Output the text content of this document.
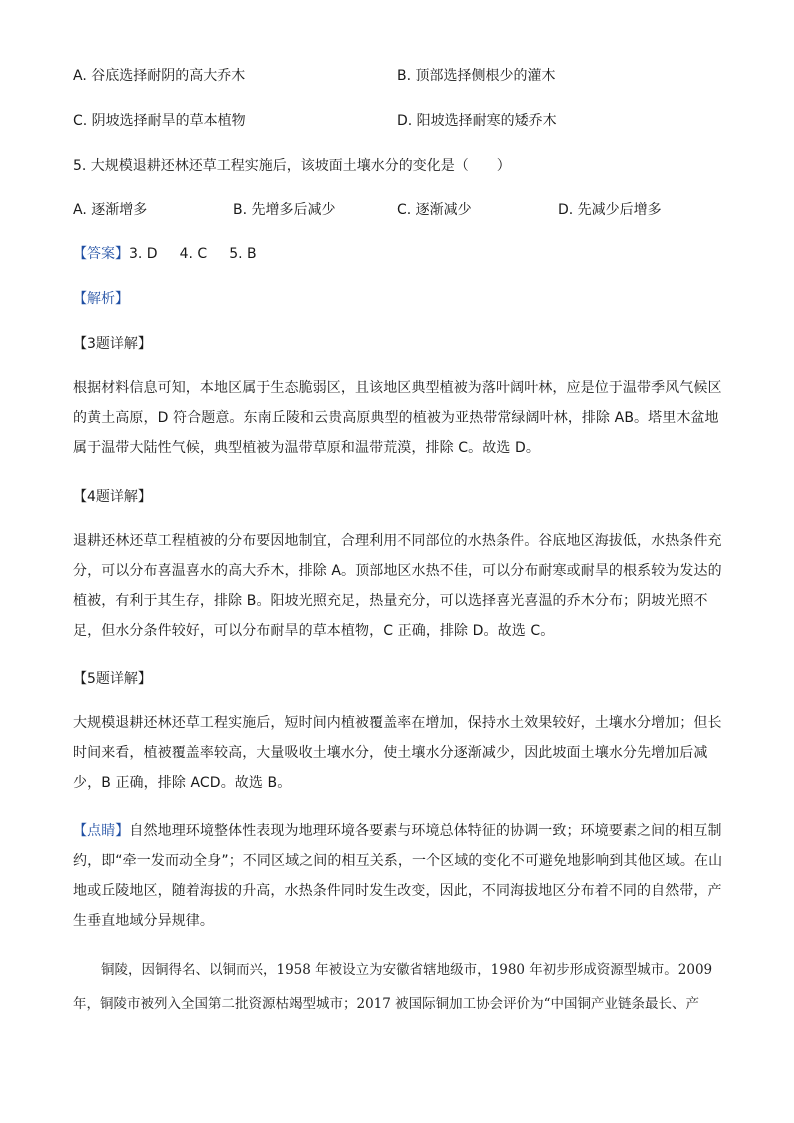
A. 谷底选择耐阴的高大乔木	B. 顶部选择侧根少的灌木
C. 阴坡选择耐旱的草本植物	D. 阳坡选择耐寒的矮乔木
5. 大规模退耕还林还草工程实施后，该坡面土壤水分的变化是（　　）
A. 逐渐增多	B. 先增多后减少	C. 逐渐减少	D. 先减少后增多
【答案】3. D 4. C 5. B
【解析】
【3题详解】
根据材料信息可知，本地区属于生态脆弱区，且该地区典型植被为落叶阔叶林，应是位于温带季风气候区
的黄土高原，D 符合题意。东南丘陵和云贵高原典型的植被为亚热带常绿阔叶林，排除 AB。塔里木盆地
属于温带大陆性气候，典型植被为温带草原和温带荒漠，排除 C。故选 D。
【4题详解】
退耕还林还草工程植被的分布要因地制宜，合理利用不同部位的水热条件。谷底地区海拔低，水热条件充
分，可以分布喜温喜水的高大乔木，排除 A。顶部地区水热不佳，可以分布耐寒或耐旱的根系较为发达的
植被，有利于其生存，排除 B。阳坡光照充足，热量充分，可以选择喜光喜温的乔木分布；阴坡光照不
足，但水分条件较好，可以分布耐旱的草本植物，C 正确，排除 D。故选 C。
【5题详解】
大规模退耕还林还草工程实施后，短时间内植被覆盖率在增加，保持水土效果较好，土壤水分增加；但长
时间来看，植被覆盖率较高，大量吸收土壤水分，使土壤水分逐渐减少，因此坡面土壤水分先增加后减
少，B 正确，排除 ACD。故选 B。
【点睛】自然地理环境整体性表现为地理环境各要素与环境总体特征的协调一致；环境要素之间的相互制
约，即“牵一发而动全身”；不同区域之间的相互关系，一个区域的变化不可避免地影响到其他区域。在山
地或丘陵地区，随着海拔的升高，水热条件同时发生改变，因此，不同海拔地区分布着不同的自然带，产
生垂直地域分异规律。
铜陵，因铜得名、以铜而兴，1958 年被设立为安徽省辖地级市，1980 年初步形成资源型城市。2009
年，铜陵市被列入全国第二批资源枯竭型城市；2017 被国际铜加工协会评价为“中国铜产业链条最长、产
